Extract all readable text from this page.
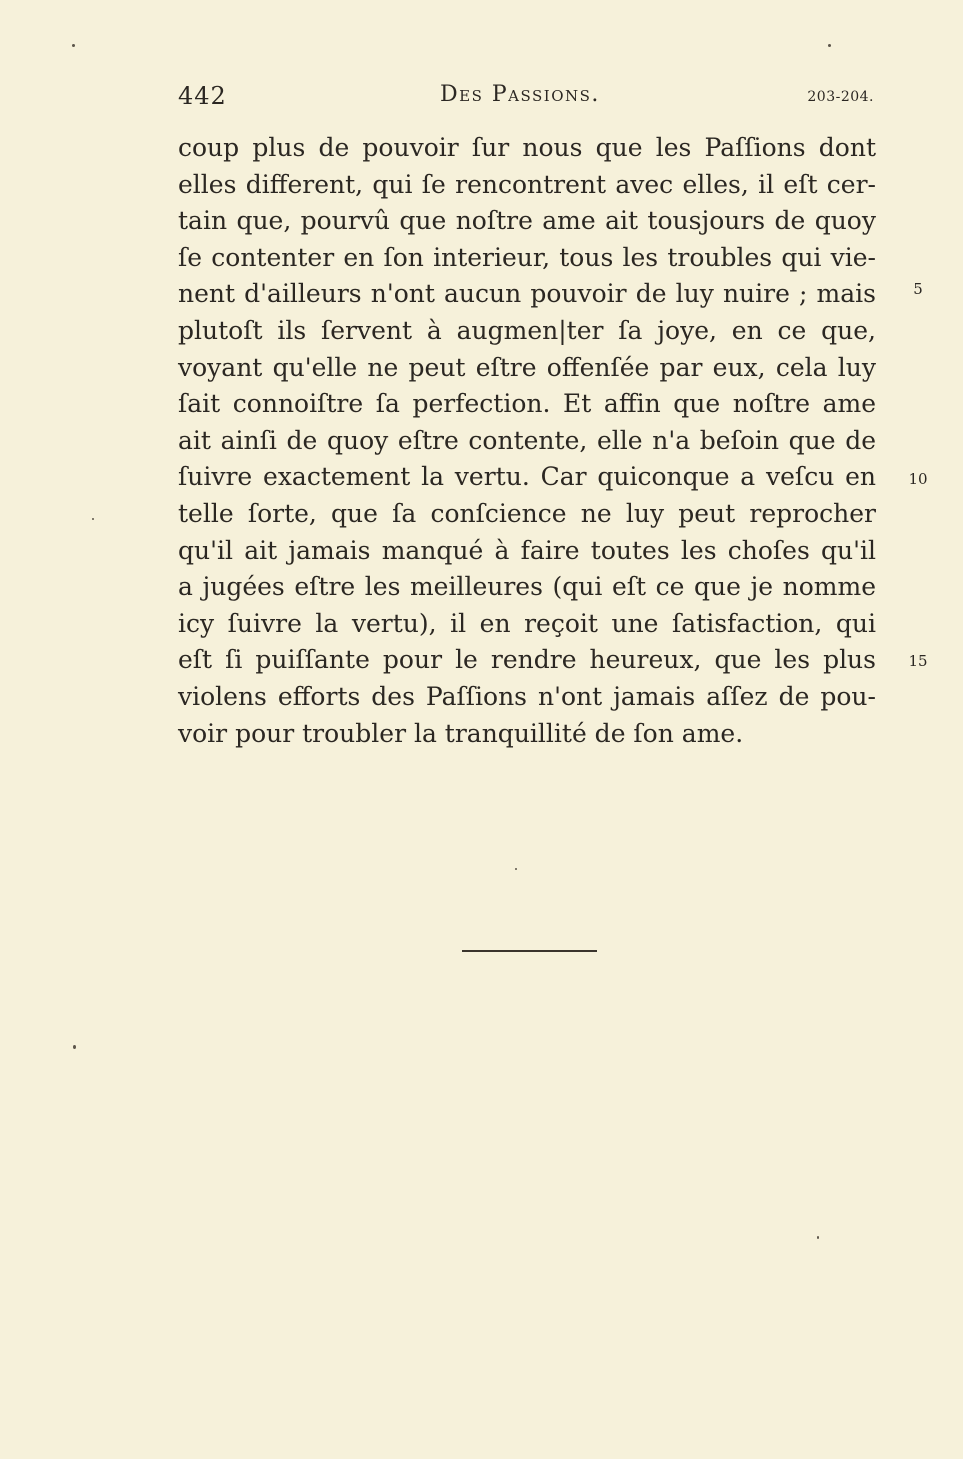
442	Des Passions.	203-204.
coup plus de pouvoir ſur nous que les Paſſions dont
elles different, qui ſe rencontrent avec elles, il eſt cer-
tain que, pourvû que noſtre ame ait tousjours de quoy
ſe contenter en ſon interieur, tous les troubles qui vie-
nent d'ailleurs n'ont aucun pouvoir de luy nuire ; mais
plutoſt ils ſervent à augmen|ter ſa joye, en ce que,
voyant qu'elle ne peut eſtre offenſée par eux, cela luy
ſait connoiſtre ſa perfection. Et affin que noſtre ame
ait ainſi de quoy eſtre contente, elle n'a beſoin que de
ſuivre exactement la vertu. Car quiconque a veſcu en
telle ſorte, que ſa conſcience ne luy peut reprocher
qu'il ait jamais manqué à faire toutes les choſes qu'il
a jugées eſtre les meilleures (qui eſt ce que je nomme
icy ſuivre la vertu), il en reçoit une ſatisfaction, qui
eſt ſi puiſſante pour le rendre heureux, que les plus
violens efforts des Paſſions n'ont jamais aſſez de pou-
voir pour troubler la tranquillité de ſon ame.
5
10
15
